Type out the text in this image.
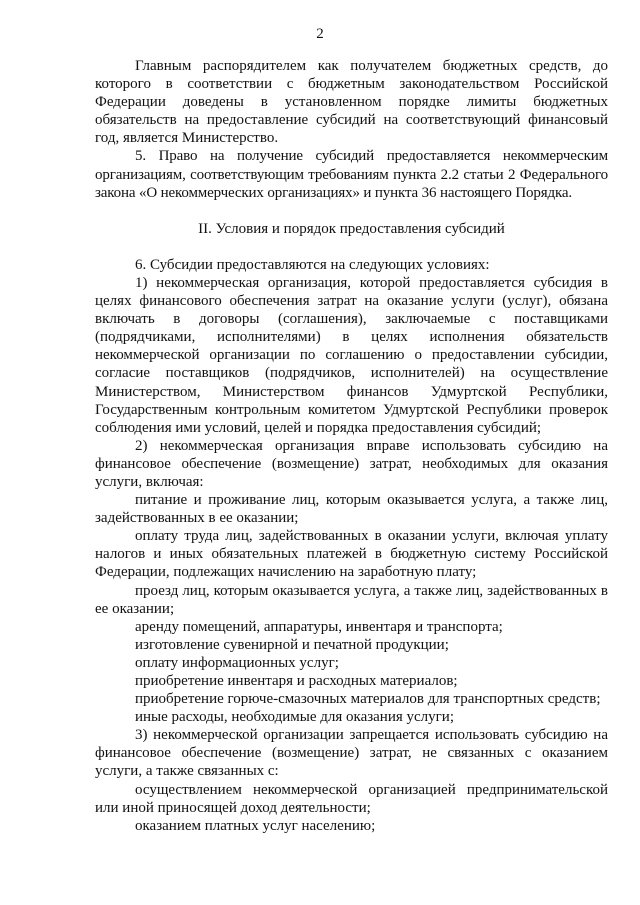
2

Главным распорядителем как получателем бюджетных средств, до которого в соответствии с бюджетным законодательством Российской Федерации доведены в установленном порядке лимиты бюджетных обязательств на предоставление субсидий на соответствующий финансовый год, является Министерство.

5. Право на получение субсидий предоставляется некоммерческим организациям, соответствующим требованиям пункта 2.2 статьи 2 Федерального закона «О некоммерческих организациях» и пункта 36 настоящего Порядка.

II. Условия и порядок предоставления субсидий

6. Субсидии предоставляются на следующих условиях:

1) некоммерческая организация, которой предоставляется субсидия в целях финансового обеспечения затрат на оказание услуги (услуг), обязана включать в договоры (соглашения), заключаемые с поставщиками (подрядчиками, исполнителями) в целях исполнения обязательств некоммерческой организации по соглашению о предоставлении субсидии, согласие поставщиков (подрядчиков, исполнителей) на осуществление Министерством, Министерством финансов Удмуртской Республики, Государственным контрольным комитетом Удмуртской Республики проверок соблюдения ими условий, целей и порядка предоставления субсидий;

2) некоммерческая организация вправе использовать субсидию на финансовое обеспечение (возмещение) затрат, необходимых для оказания услуги, включая:

питание и проживание лиц, которым оказывается услуга, а также лиц, задействованных в ее оказании;

оплату труда лиц, задействованных в оказании услуги, включая уплату налогов и иных обязательных платежей в бюджетную систему Российской Федерации, подлежащих начислению на заработную плату;

проезд лиц, которым оказывается услуга, а также лиц, задействованных в ее оказании;

аренду помещений, аппаратуры, инвентаря и транспорта;

изготовление сувенирной и печатной продукции;

оплату информационных услуг;

приобретение инвентаря и расходных материалов;

приобретение горюче-смазочных материалов для транспортных средств;

иные расходы, необходимые для оказания услуги;

3) некоммерческой организации запрещается использовать субсидию на финансовое обеспечение (возмещение) затрат, не связанных с оказанием услуги, а также связанных с:

осуществлением некоммерческой организацией предпринимательской или иной приносящей доход деятельности;

оказанием платных услуг населению;
